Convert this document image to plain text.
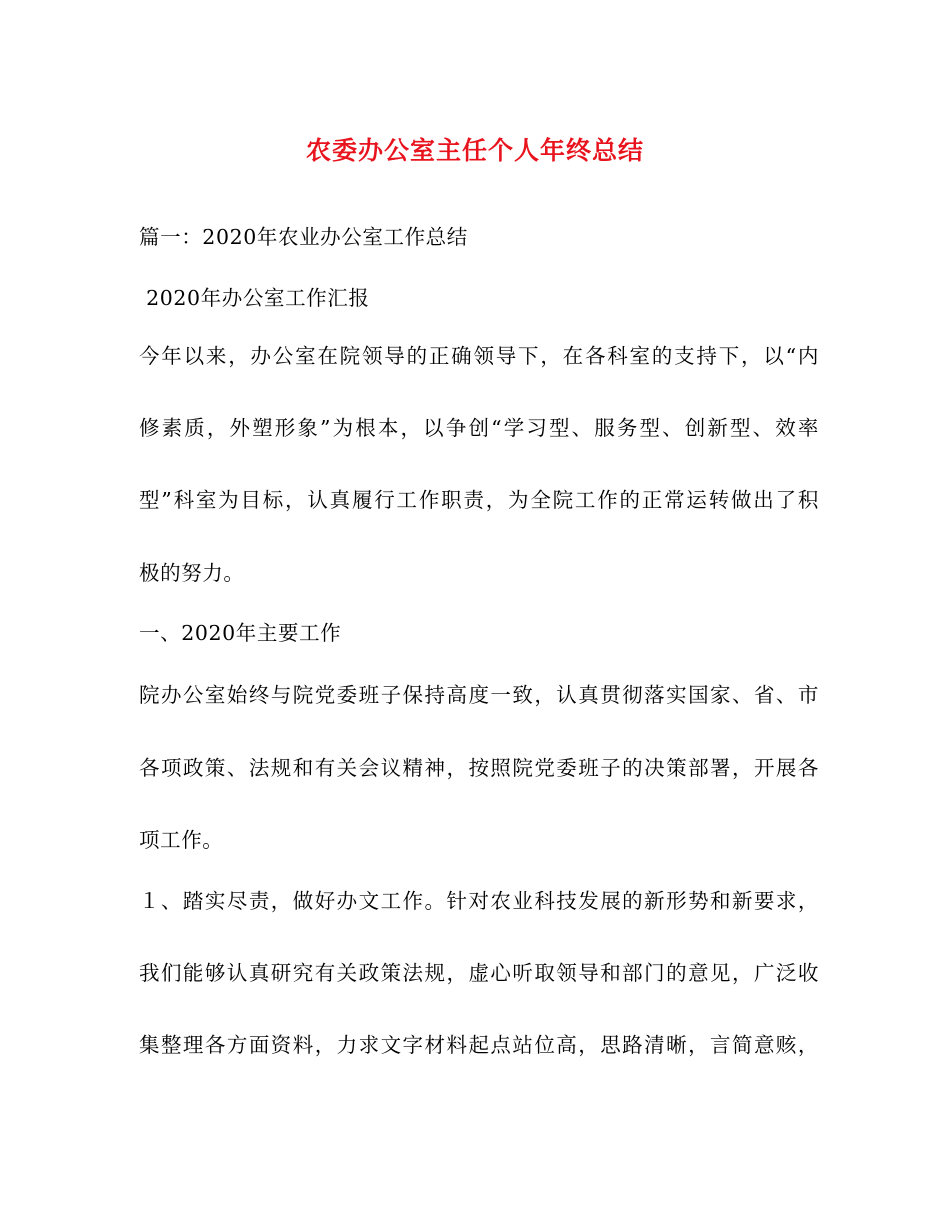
农委办公室主任个人年终总结
篇一：2020年农业办公室工作总结
2020年办公室工作汇报
今年以来，办公室在院领导的正确领导下，在各科室的支持下，以“内
修素质，外塑形象”为根本，以争创“学习型、服务型、创新型、效率
型”科室为目标，认真履行工作职责，为全院工作的正常运转做出了积
极的努力。
一、2020年主要工作
院办公室始终与院党委班子保持高度一致，认真贯彻落实国家、省、市
各项政策、法规和有关会议精神，按照院党委班子的决策部署，开展各
项工作。
１、踏实尽责，做好办文工作。针对农业科技发展的新形势和新要求，
我们能够认真研究有关政策法规，虚心听取领导和部门的意见，广泛收
集整理各方面资料，力求文字材料起点站位高，思路清晰，言简意赅，
